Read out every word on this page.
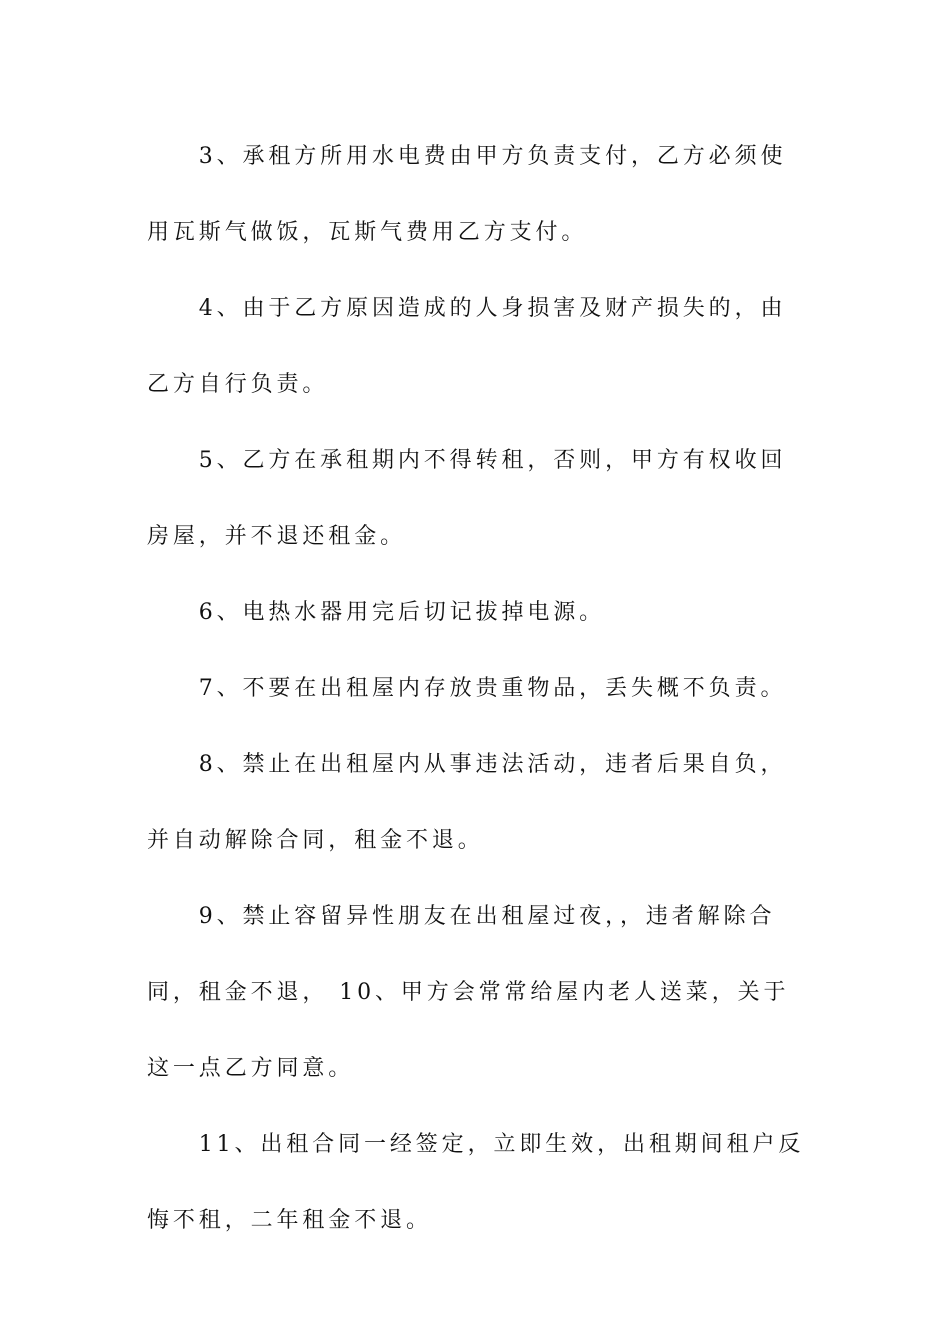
3、承租方所用水电费由甲方负责支付，乙方必须使用瓦斯气做饭，瓦斯气费用乙方支付。

4、由于乙方原因造成的人身损害及财产损失的，由乙方自行负责。

5、乙方在承租期内不得转租，否则，甲方有权收回房屋，并不退还租金。

6、电热水器用完后切记拔掉电源。

7、不要在出租屋内存放贵重物品，丢失概不负责。

8、禁止在出租屋内从事违法活动，违者后果自负，并自动解除合同，租金不退。

9、禁止容留异性朋友在出租屋过夜，，违者解除合同，租金不退， 10、甲方会常常给屋内老人送菜，关于这一点乙方同意。

11、出租合同一经签定，立即生效，出租期间租户反悔不租，二年租金不退。
